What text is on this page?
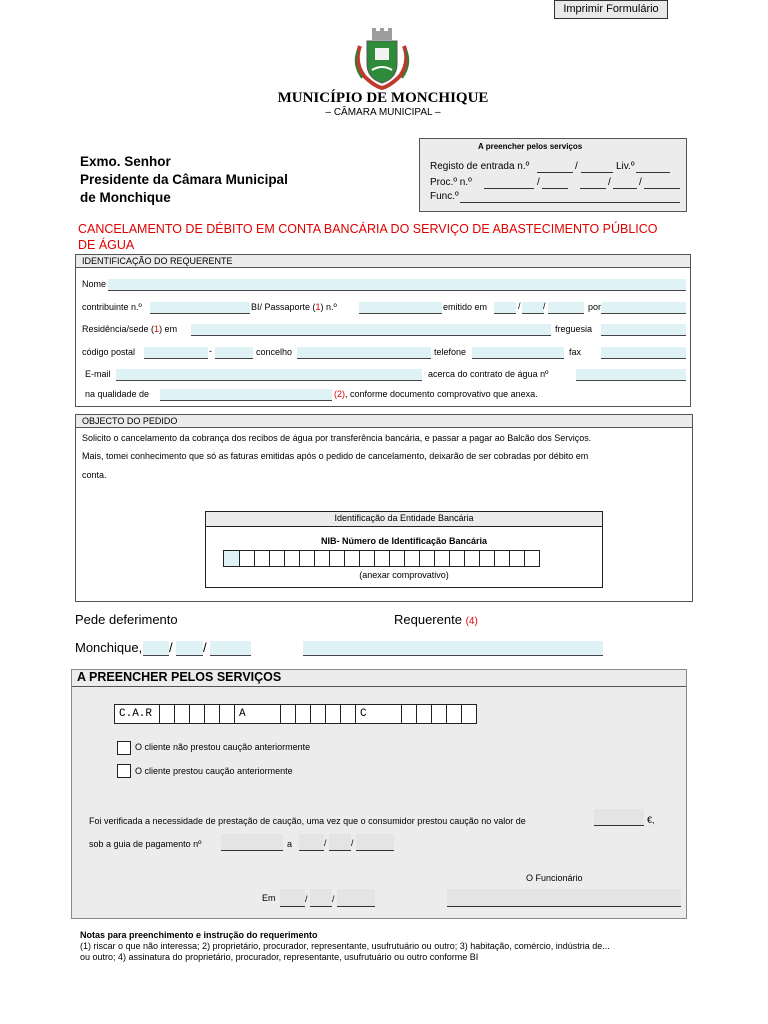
Imprimir Formulário
MUNICÍPIO DE MONCHIQUE
– CÂMARA MUNICIPAL –
A preencher pelos serviços
Registo de entrada n.º	/	Liv.º
Proc.º n.º	/	/	/
Func.º
Exmo. Senhor
Presidente da Câmara Municipal
de Monchique
CANCELAMENTO DE DÉBITO EM CONTA BANCÁRIA DO SERVIÇO DE ABASTECIMENTO PÚBLICO
DE ÁGUA
IDENTIFICAÇÃO DO REQUERENTE
Nome
contribuinte n.º	BI/ Passaporte (1) n.º	emitido em	/ /	por
Residência/sede (1) em	freguesia
código postal	-	concelho	telefone	fax
E-mail	acerca do contrato de água nº
na qualidade de	(2), conforme documento comprovativo que anexa.
OBJECTO DO PEDIDO
Solicito o cancelamento da cobrança dos recibos de água por transferência bancária, e passar a pagar ao Balcão dos Serviços.
Mais, tomei conhecimento que só as faturas emitidas após o pedido de cancelamento, deixarão de ser cobradas por débito em
conta.
Identificação da Entidade Bancária
NIB- Número de Identificação Bancária
(anexar comprovativo)
Pede deferimento	Requerente (4)
Monchique, / /
A PREENCHER PELOS SERVIÇOS
C.A.R	A	C
O cliente não prestou caução anteriormente
O cliente prestou caução anteriormente
Foi verificada a necessidade de prestação de caução, uma vez que o consumidor prestou caução no valor de	€,
sob a guia de pagamento nº	a	/	/
O Funcionário
Em	/	/
Notas para preenchimento e instrução do requerimento
(1) riscar o que não interessa; 2) proprietário, procurador, representante, usufrutuário ou outro; 3) habitação, comércio, indústria de...
ou outro; 4) assinatura do proprietário, procurador, representante, usufrutuário ou outro conforme BI
